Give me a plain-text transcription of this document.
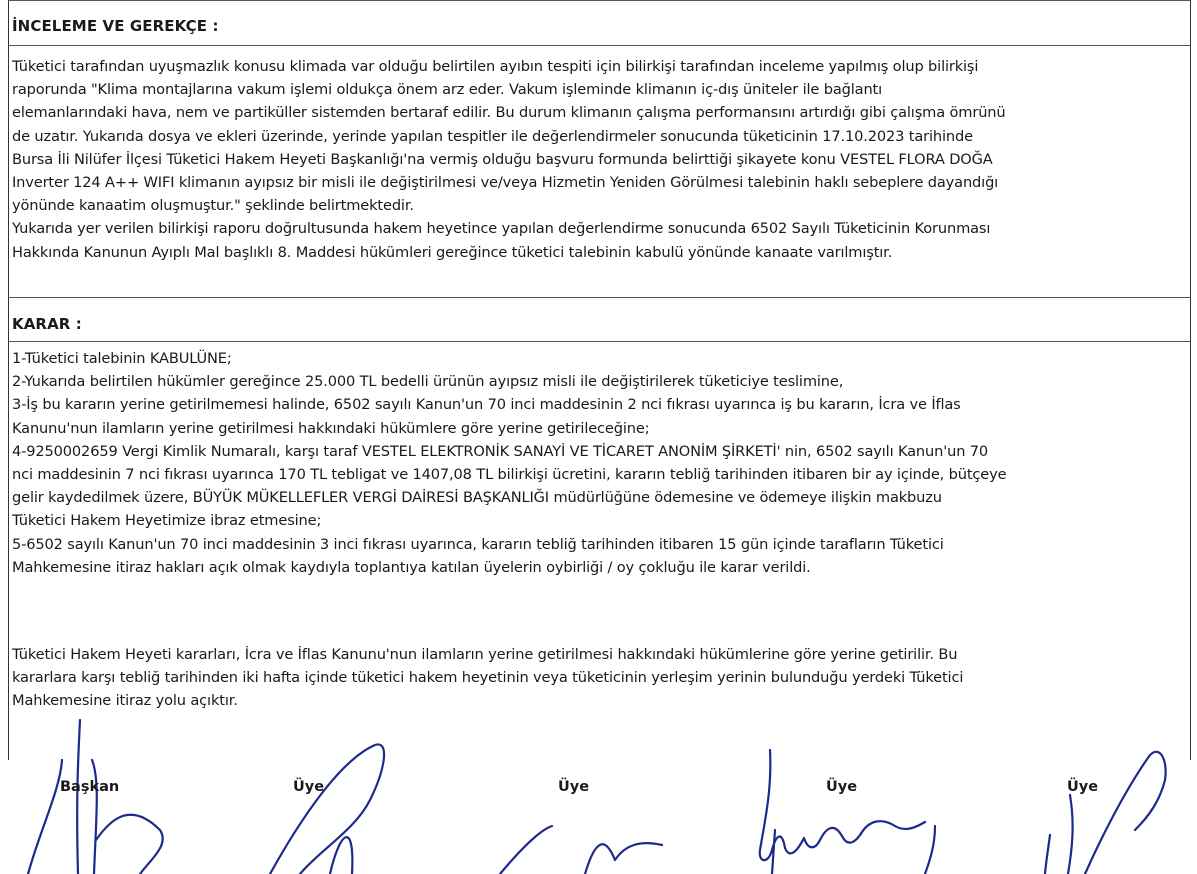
İNCELEME VE GEREKÇE :
Tüketici tarafından uyuşmazlık konusu klimada var olduğu belirtilen ayıbın tespiti için bilirkişi tarafından inceleme yapılmış olup bilirkişi
raporunda "Klima montajlarına vakum işlemi oldukça önem arz eder. Vakum işleminde klimanın iç-dış üniteler ile bağlantı
elemanlarındaki hava, nem ve partiküller sistemden bertaraf edilir. Bu durum klimanın çalışma performansını artırdığı gibi çalışma ömrünü
de uzatır. Yukarıda dosya ve ekleri üzerinde, yerinde yapılan tespitler ile değerlendirmeler sonucunda tüketicinin 17.10.2023 tarihinde
Bursa İli Nilüfer İlçesi Tüketici Hakem Heyeti Başkanlığı'na vermiş olduğu başvuru formunda belirttiği şikayete konu VESTEL FLORA DOĞA
Inverter 124 A++ WIFI klimanın ayıpsız bir misli ile değiştirilmesi ve/veya Hizmetin Yeniden Görülmesi talebinin haklı sebeplere dayandığı
yönünde kanaatim oluşmuştur." şeklinde belirtmektedir.
Yukarıda yer verilen bilirkişi raporu doğrultusunda hakem heyetince yapılan değerlendirme sonucunda 6502 Sayılı Tüketicinin Korunması
Hakkında Kanunun Ayıplı Mal başlıklı 8. Maddesi hükümleri gereğince tüketici talebinin kabulü yönünde kanaate varılmıştır.
KARAR :
1-Tüketici talebinin KABULÜNE;
2-Yukarıda belirtilen hükümler gereğince 25.000 TL bedelli ürünün ayıpsız misli ile değiştirilerek tüketiciye teslimine,
3-İş bu kararın yerine getirilmemesi halinde, 6502 sayılı Kanun'un 70 inci maddesinin 2 nci fıkrası uyarınca iş bu kararın, İcra ve İflas
Kanunu'nun ilamların yerine getirilmesi hakkındaki hükümlere göre yerine getirileceğine;
4-9250002659 Vergi Kimlik Numaralı, karşı taraf VESTEL ELEKTRONİK SANAYİ VE TİCARET ANONİM ŞİRKETİ' nin, 6502 sayılı Kanun'un 70
nci maddesinin 7 nci fıkrası uyarınca 170 TL tebligat ve 1407,08 TL bilirkişi ücretini, kararın tebliğ tarihinden itibaren bir ay içinde, bütçeye
gelir kaydedilmek üzere, BÜYÜK MÜKELLEFLER VERGİ DAİRESİ BAŞKANLIĞI müdürlüğüne ödemesine ve ödemeye ilişkin makbuzu
Tüketici Hakem Heyetimize ibraz etmesine;
5-6502 sayılı Kanun'un 70 inci maddesinin 3 inci fıkrası uyarınca, kararın tebliğ tarihinden itibaren 15 gün içinde tarafların Tüketici
Mahkemesine itiraz hakları açık olmak kaydıyla toplantıya katılan üyelerin oybirliği / oy çokluğu ile karar verildi.
Tüketici Hakem Heyeti kararları, İcra ve İflas Kanunu'nun ilamların yerine getirilmesi hakkındaki hükümlerine göre yerine getirilir. Bu
kararlara karşı tebliğ tarihinden iki hafta içinde tüketici hakem heyetinin veya tüketicinin yerleşim yerinin bulunduğu yerdeki Tüketici
Mahkemesine itiraz yolu açıktır.
Başkan	Üye	Üye	Üye	Üye
